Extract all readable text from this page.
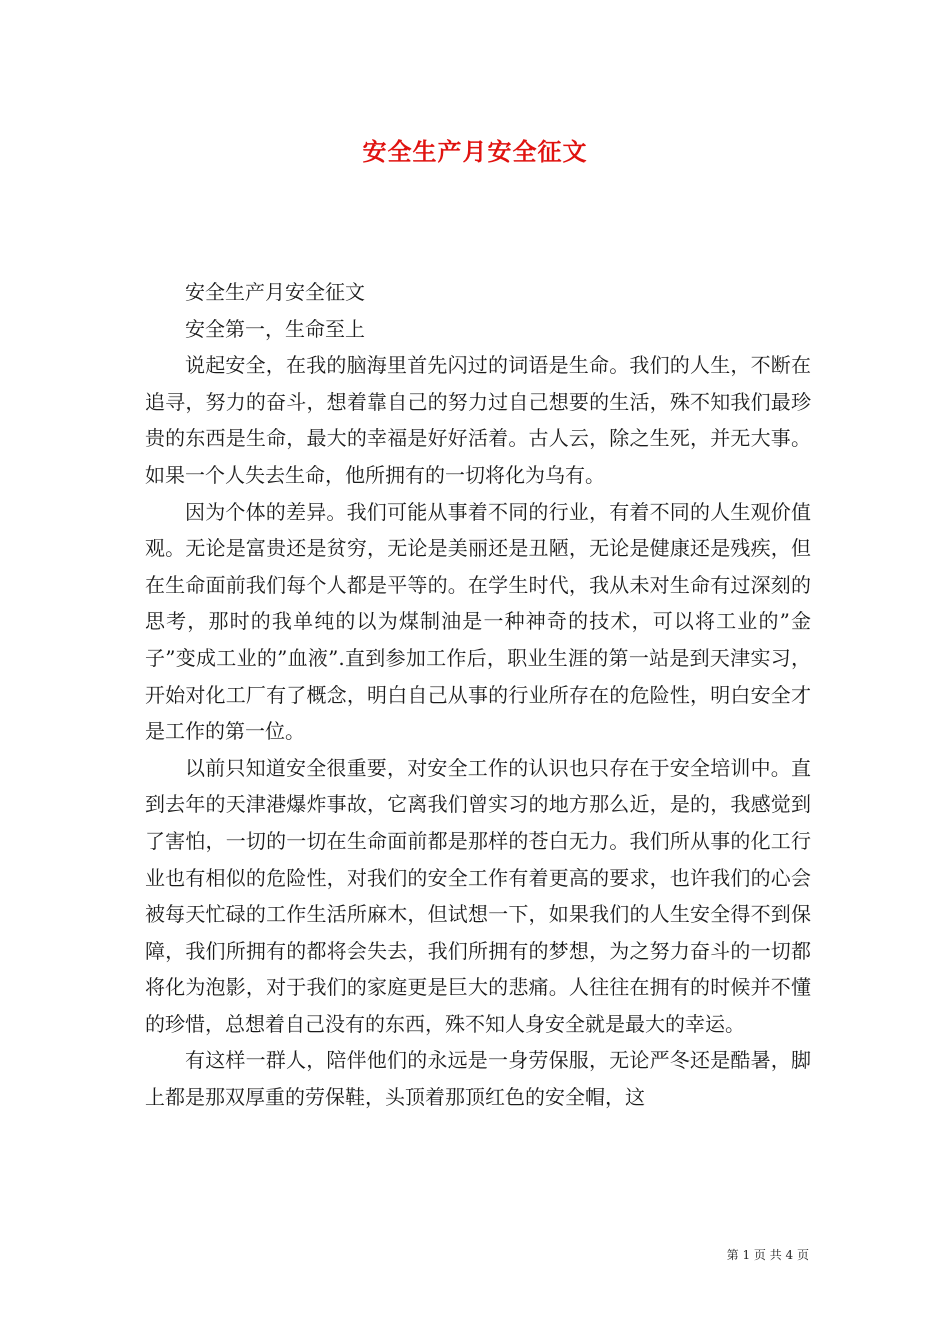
安全生产月安全征文

安全生产月安全征文

安全第一，生命至上

说起安全，在我的脑海里首先闪过的词语是生命。我们的人生，不断在追寻，努力的奋斗，想着靠自己的努力过自己想要的生活，殊不知我们最珍贵的东西是生命，最大的幸福是好好活着。古人云，除之生死，并无大事。如果一个人失去生命，他所拥有的一切将化为乌有。

因为个体的差异。我们可能从事着不同的行业，有着不同的人生观价值观。无论是富贵还是贫穷，无论是美丽还是丑陋，无论是健康还是残疾，但在生命面前我们每个人都是平等的。在学生时代，我从未对生命有过深刻的思考，那时的我单纯的以为煤制油是一种神奇的技术，可以将工业的”金子”变成工业的”血液”.直到参加工作后，职业生涯的第一站是到天津实习，开始对化工厂有了概念，明白自己从事的行业所存在的危险性，明白安全才是工作的第一位。

以前只知道安全很重要，对安全工作的认识也只存在于安全培训中。直到去年的天津港爆炸事故，它离我们曾实习的地方那么近，是的，我感觉到了害怕，一切的一切在生命面前都是那样的苍白无力。我们所从事的化工行业也有相似的危险性，对我们的安全工作有着更高的要求，也许我们的心会被每天忙碌的工作生活所麻木，但试想一下，如果我们的人生安全得不到保障，我们所拥有的都将会失去，我们所拥有的梦想，为之努力奋斗的一切都将化为泡影，对于我们的家庭更是巨大的悲痛。人往往在拥有的时候并不懂的珍惜，总想着自己没有的东西，殊不知人身安全就是最大的幸运。

有这样一群人，陪伴他们的永远是一身劳保服，无论严冬还是酷暑，脚上都是那双厚重的劳保鞋，头顶着那顶红色的安全帽，这

第 1 页 共 4 页
